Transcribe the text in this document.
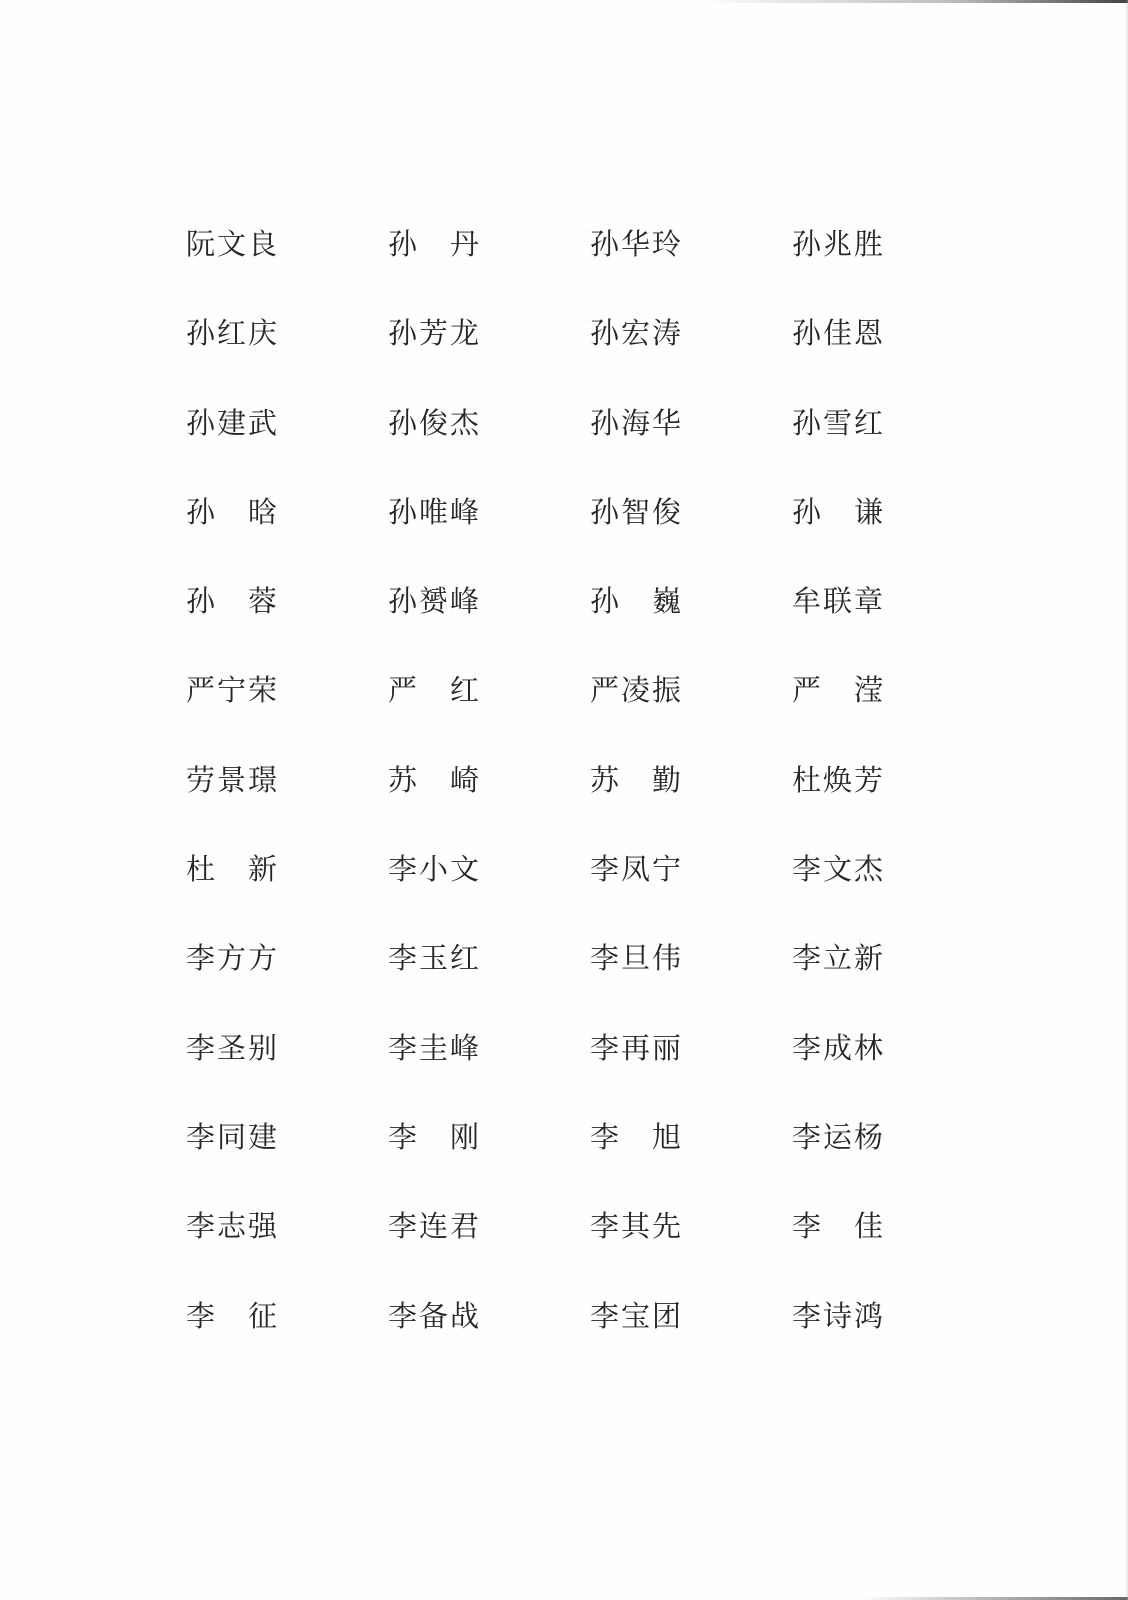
阮文良	孙　丹	孙华玲	孙兆胜
孙红庆	孙芳龙	孙宏涛	孙佳恩
孙建武	孙俊杰	孙海华	孙雪红
孙　晗	孙唯峰	孙智俊	孙　谦
孙　蓉	孙赟峰	孙　巍	牟联章
严宁荣	严　红	严凌振	严　滢
劳景璟	苏　崎	苏　勤	杜焕芳
杜　新	李小文	李凤宁	李文杰
李方方	李玉红	李旦伟	李立新
李圣别	李圭峰	李再丽	李成林
李同建	李　刚	李　旭	李运杨
李志强	李连君	李其先	李　佳
李　征	李备战	李宝团	李诗鸿
